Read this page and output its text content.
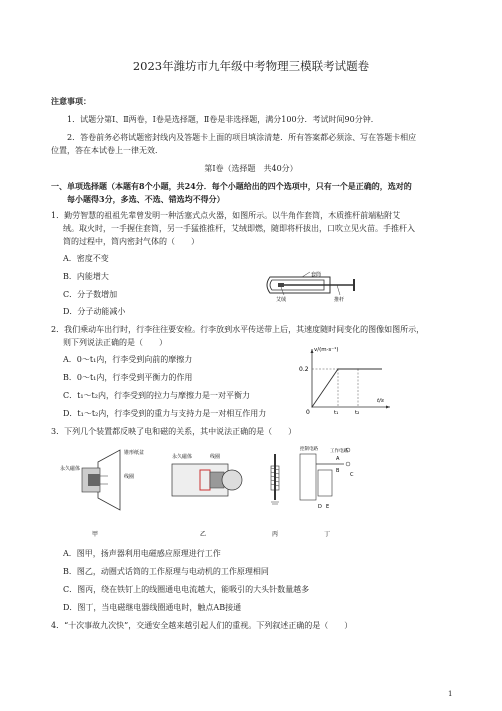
2023年潍坊市九年级中考物理三模联考试题卷
注意事项：
1．试题分第Ⅰ、Ⅱ两卷，Ⅰ卷是选择题，Ⅱ卷是非选择题，满分100分．考试时间90分钟．
2．答卷前务必将试题密封线内及答题卡上面的项目填涂清楚．所有答案都必须涂、写在答题卡相应
位置，答在本试卷上一律无效．
第Ⅰ卷（选择题　共40分）
一、单项选择题（本题有8个小题，共24分．每个小题给出的四个选项中，只有一个是正确的，选对的
每小题得3分，多选、不选、错选均不得分）
1．勤劳智慧的祖祖先辈曾发明一种活塞式点火器，如图所示。以牛角作套筒，木质推杆前端粘附艾
绒。取火时，一手握住套筒，另一手猛推推杆，艾绒即燃，随即将杆拔出，口吹立见火苗。手推杆入
筒的过程中，筒内密封气体的（　　）
A．密度不变
B．内能增大
C．分子数增加
D．分子动能减小
套筒
艾绒	推杆
2．我们乘动车出行时，行李往往要安检。行李放到水平传送带上后，其速度随时间变化的图像如图所示，
则下列说法正确的是（　　）
A．0～t₁内，行李受到向前的摩擦力
B．0～t₁内，行李受到平衡力的作用
C．t₁～t₂内，行李受到的拉力与摩擦力是一对平衡力
D．t₁～t₂内，行李受到的重力与支持力是一对相互作用力
v/(m·s⁻¹)
0.2
0	t₁	t₂
t/s
3．下列几个装置都反映了电和磁的关系，其中说法正确的是（　　）
锥形纸盆
永久磁体
线圈
甲
永久磁体	线圈
乙	丙
工作电路
控制电路
A
B
C
D E
丁
A．图甲，扬声器利用电磁感应原理进行工作
B．图乙，动圈式话筒的工作原理与电动机的工作原理相同
C．图丙，绕在铁钉上的线圈通电电流越大，能吸引的大头针数量越多
D．图丁，当电磁继电器线圈通电时，触点AB接通
4．“十次事故九次快”，交通安全越来越引起人们的重视。下列叙述正确的是（　　）
1
